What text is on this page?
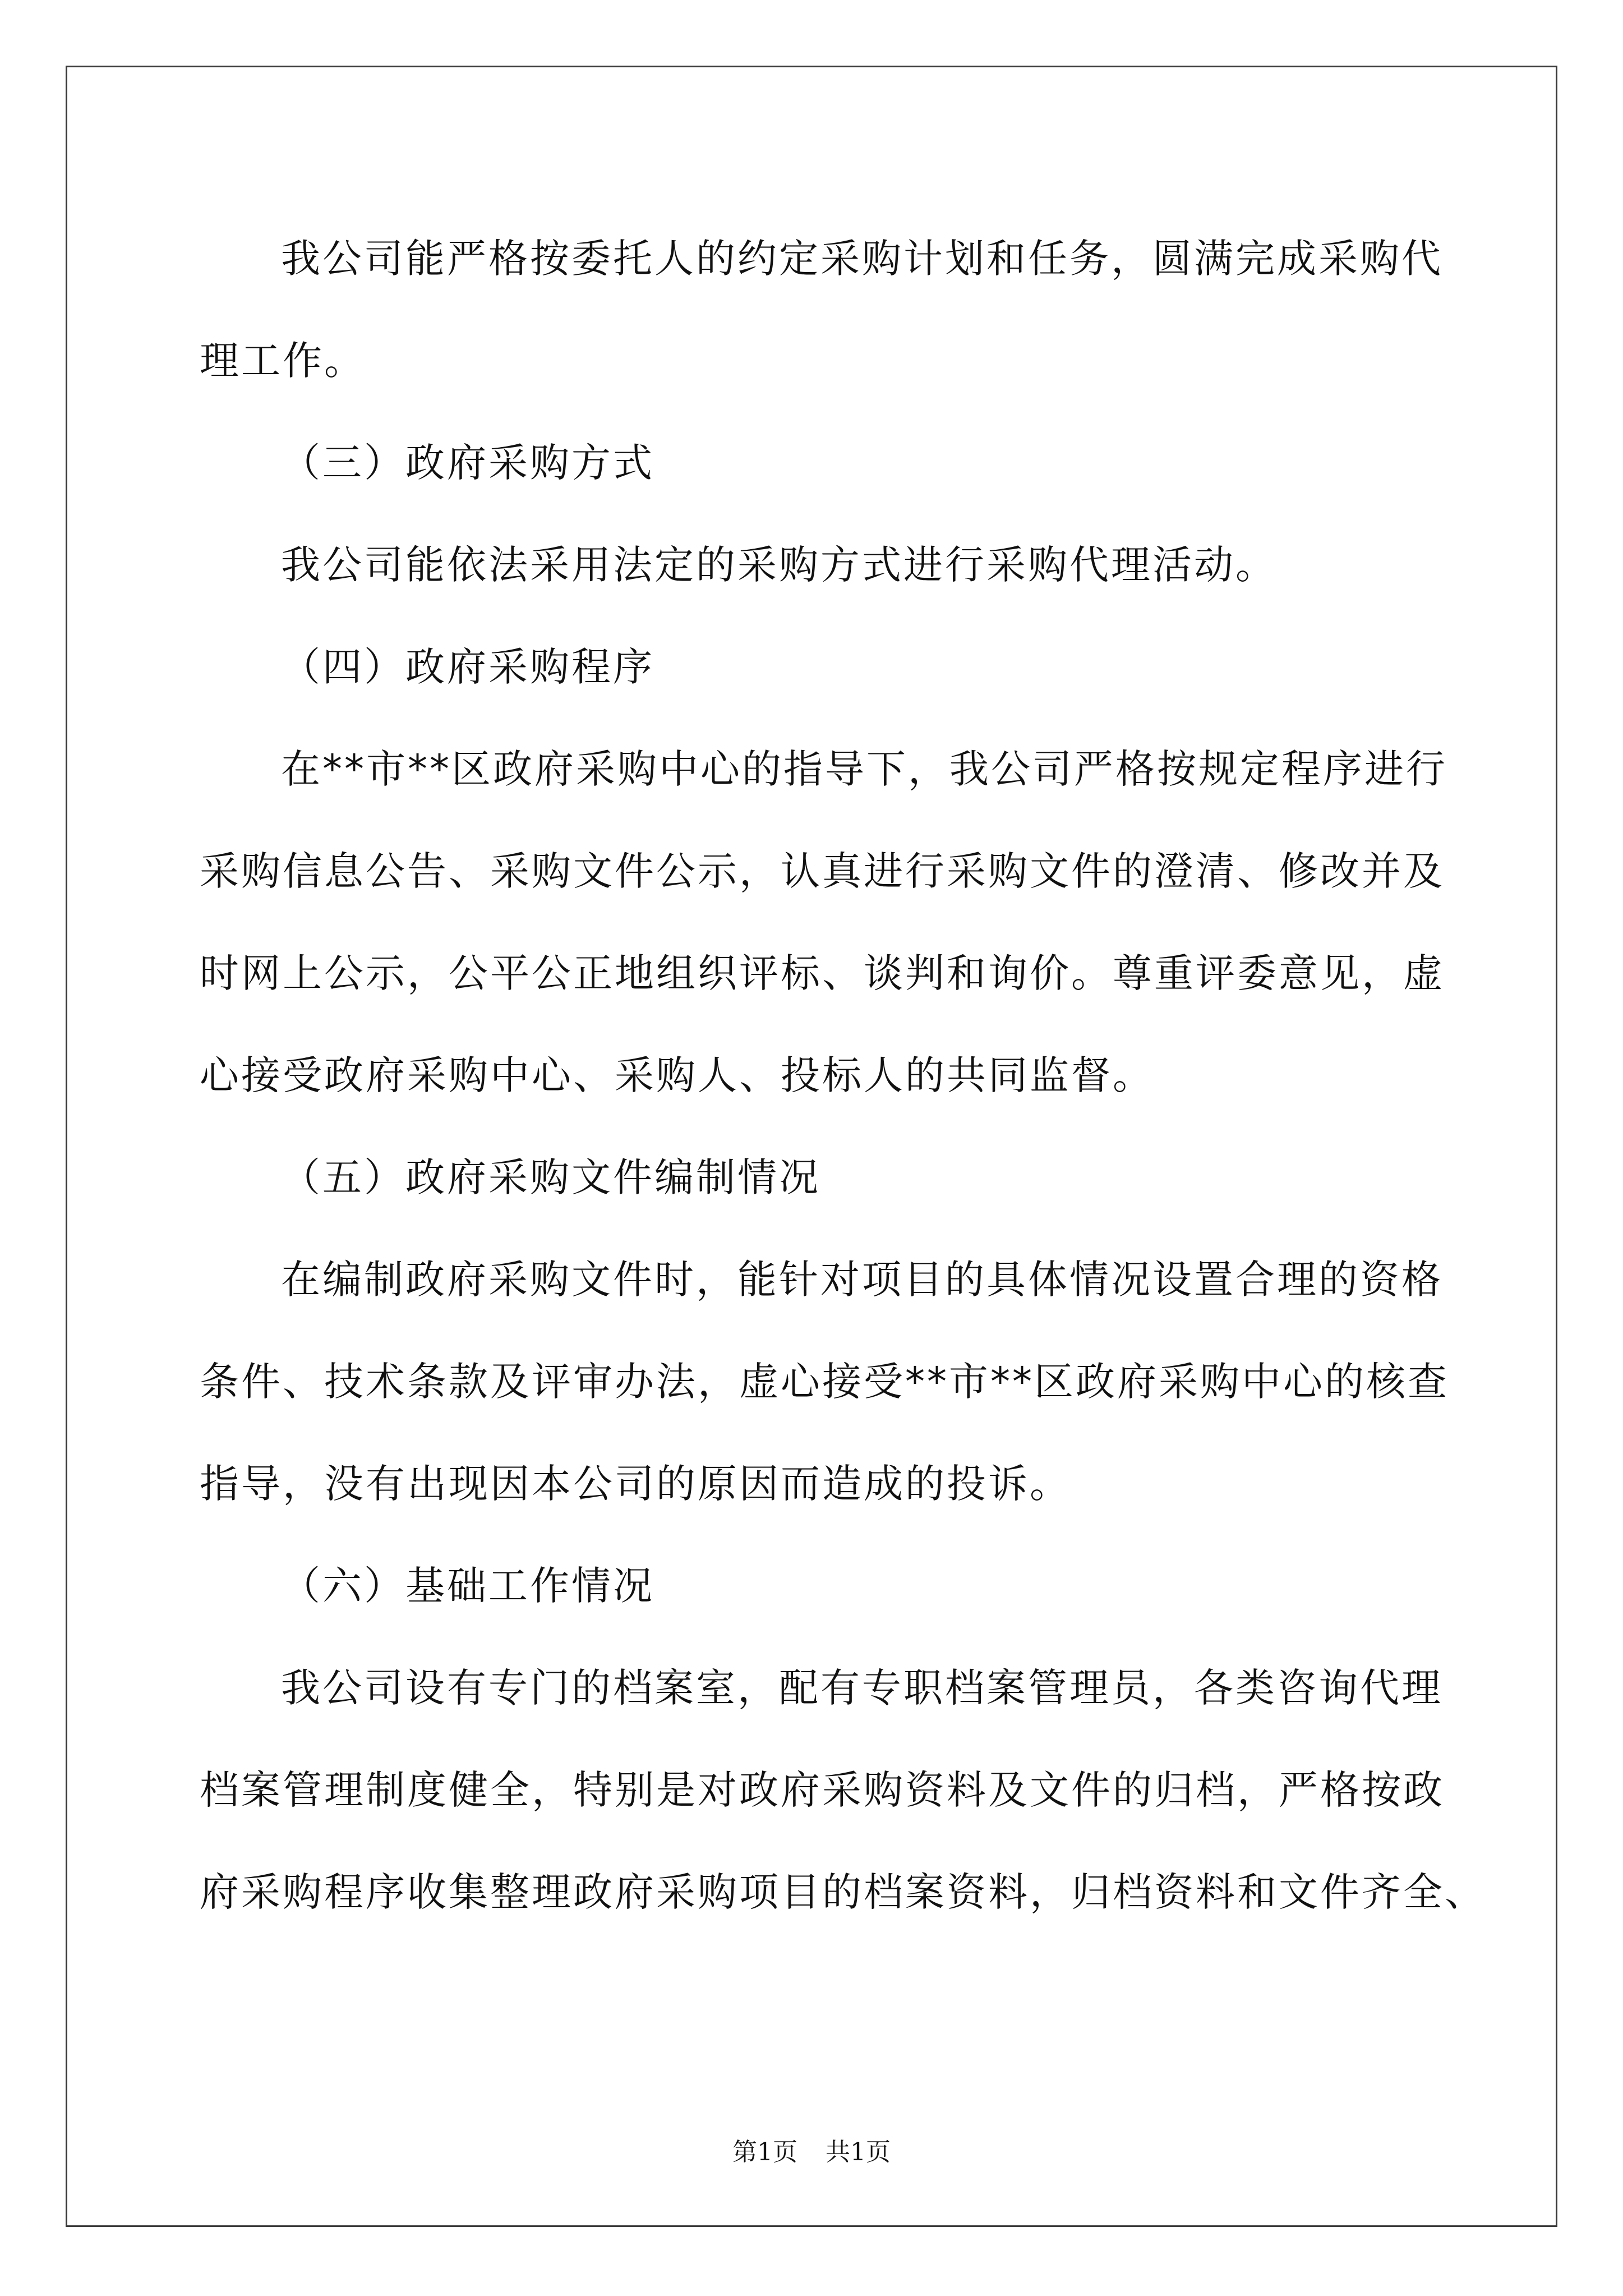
我公司能严格按委托人的约定采购计划和任务，圆满完成采购代

理工作。

（三）政府采购方式

我公司能依法采用法定的采购方式进行采购代理活动。

（四）政府采购程序

在**市**区政府采购中心的指导下，我公司严格按规定程序进行

采购信息公告、采购文件公示，认真进行采购文件的澄清、修改并及

时网上公示，公平公正地组织评标、谈判和询价。尊重评委意见，虚

心接受政府采购中心、采购人、投标人的共同监督。

（五）政府采购文件编制情况

在编制政府采购文件时，能针对项目的具体情况设置合理的资格

条件、技术条款及评审办法，虚心接受**市**区政府采购中心的核查

指导，没有出现因本公司的原因而造成的投诉。

（六）基础工作情况

我公司设有专门的档案室，配有专职档案管理员，各类咨询代理

档案管理制度健全，特别是对政府采购资料及文件的归档，严格按政

府采购程序收集整理政府采购项目的档案资料，归档资料和文件齐全、

第1页 共1页
